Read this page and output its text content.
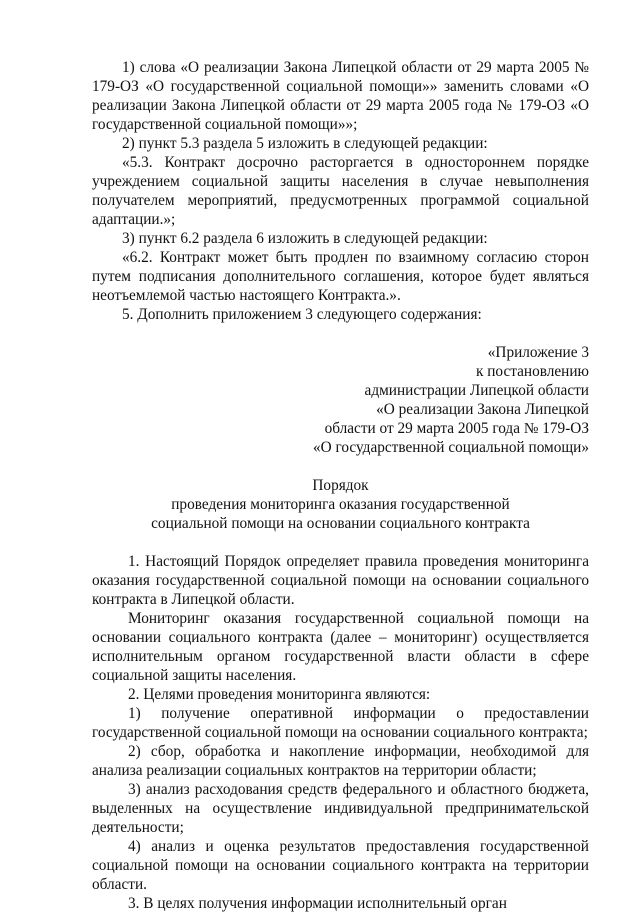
1) слова «О реализации Закона Липецкой области от 29 марта 2005 № 179-ОЗ «О государственной социальной помощи»» заменить словами «О реализации Закона Липецкой области от 29 марта 2005 года № 179-ОЗ «О государственной социальной помощи»»;

2) пункт 5.3 раздела 5 изложить в следующей редакции:

«5.3. Контракт досрочно расторгается в одностороннем порядке учреждением социальной защиты населения в случае невыполнения получателем мероприятий, предусмотренных программой социальной адаптации.»;

3) пункт 6.2 раздела 6 изложить в следующей редакции:

«6.2. Контракт может быть продлен по взаимному согласию сторон путем подписания дополнительного соглашения, которое будет являться неотъемлемой частью настоящего Контракта.».

5. Дополнить приложением 3 следующего содержания:

«Приложение 3

к постановлению

администрации Липецкой области

«О реализации Закона Липецкой

области от 29 марта 2005 года № 179-ОЗ

«О государственной социальной помощи»

Порядок

проведения мониторинга оказания государственной

социальной помощи на основании социального контракта

1. Настоящий Порядок определяет правила проведения мониторинга оказания государственной социальной помощи на основании социального контракта в Липецкой области.

Мониторинг оказания государственной социальной помощи на основании социального контракта (далее – мониторинг) осуществляется исполнительным органом государственной власти области в сфере социальной защиты населения.

2. Целями проведения мониторинга являются:

1) получение оперативной информации о предоставлении государственной социальной помощи на основании социального контракта;

2) сбор, обработка и накопление информации, необходимой для анализа реализации социальных контрактов на территории области;

3) анализ расходования средств федерального и областного бюджета, выделенных на осуществление индивидуальной предпринимательской деятельности;

4) анализ и оценка результатов предоставления государственной социальной помощи на основании социального контракта на территории области.

3. В целях получения информации исполнительный орган
